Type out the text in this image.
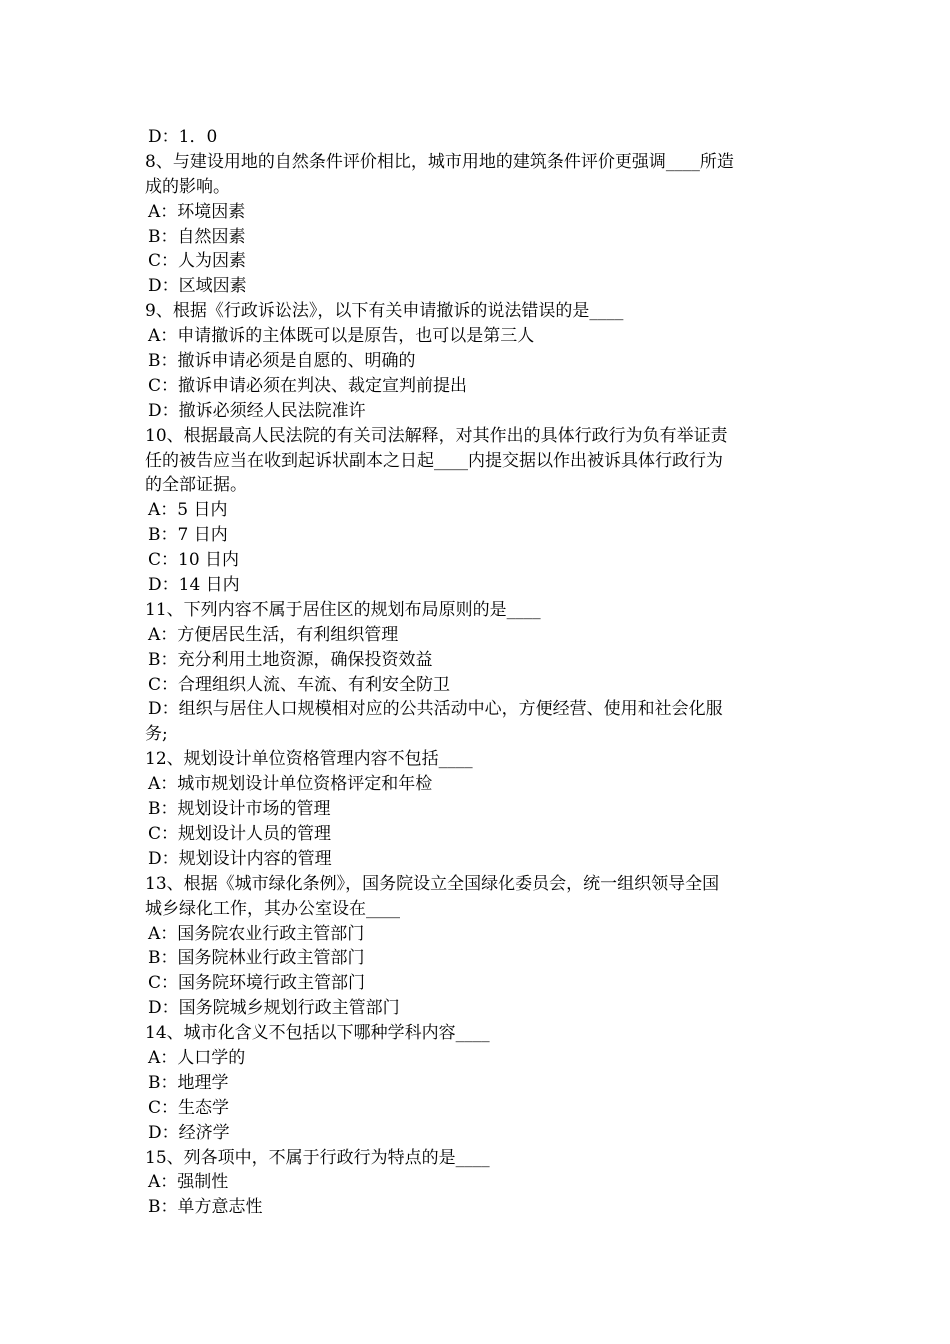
D：1．0
8、与建设用地的自然条件评价相比，城市用地的建筑条件评价更强调____所造
成的影响。
A：环境因素
B：自然因素
C：人为因素
D：区域因素
9、根据《行政诉讼法》，以下有关申请撤诉的说法错误的是____
A：申请撤诉的主体既可以是原告，也可以是第三人
B：撤诉申请必须是自愿的、明确的
C：撤诉申请必须在判决、裁定宣判前提出
D：撤诉必须经人民法院准许
10、根据最高人民法院的有关司法解释，对其作出的具体行政行为负有举证责
任的被告应当在收到起诉状副本之日起____内提交据以作出被诉具体行政行为
的全部证据。
A：5 日内
B：7 日内
C：10 日内
D：14 日内
11、下列内容不属于居住区的规划布局原则的是____
A：方便居民生活，有利组织管理
B：充分利用土地资源，确保投资效益
C：合理组织人流、车流、有利安全防卫
D：组织与居住人口规模相对应的公共活动中心，方便经营、使用和社会化服
务;
12、规划设计单位资格管理内容不包括____
A：城市规划设计单位资格评定和年检
B：规划设计市场的管理
C：规划设计人员的管理
D：规划设计内容的管理
13、根据《城市绿化条例》，国务院设立全国绿化委员会，统一组织领导全国
城乡绿化工作，其办公室设在____
A：国务院农业行政主管部门
B：国务院林业行政主管部门
C：国务院环境行政主管部门
D：国务院城乡规划行政主管部门
14、城市化含义不包括以下哪种学科内容____
A：人口学的
B：地理学
C：生态学
D：经济学
15、列各项中，不属于行政行为特点的是____
A：强制性
B：单方意志性
